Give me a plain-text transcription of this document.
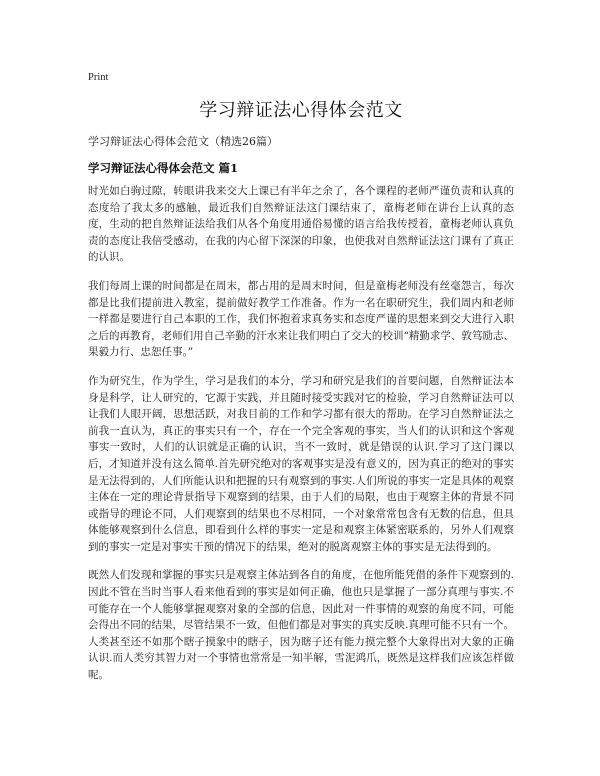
Print
学习辩证法心得体会范文
学习辩证法心得体会范文（精选26篇）
学习辩证法心得体会范文 篇1

时光如白驹过隙，转眼讲我来交大上课已有半年之余了，各个课程的老师严谨负责和认真的态度给了我太多的感触，最近我们自然辩证法这门课结束了，童梅老师在讲台上认真的态度，生动的把自然辩证法给我们从各个角度用通俗易懂的语言给我传授着，童梅老师认真负责的态度让我倍受感动，在我的内心留下深深的印象，也使我对自然辩证法这门课有了真正的认识。

我们每周上课的时间都是在周末，都占用的是周末时间，但是童梅老师没有丝毫怨言，每次都是比我们提前进入教室，提前做好教学工作准备。作为一名在职研究生，我们周内和老师一样都是要进行自己本职的工作，我们怀抱着求真务实和态度严谨的思想来到交大进行入职之后的再教育，老师们用自己辛勤的汗水来让我们明白了交大的校训“精勤求学、敦笃励志、果毅力行、忠恕任事。”

作为研究生，作为学生，学习是我们的本分，学习和研究是我们的首要问题，自然辩证法本身是科学，让人研究的，它源于实践，并且随时接受实践对它的检验，学习自然辩证法可以让我们人眼开阔，思想活跃，对我目前的工作和学习都有很大的帮助。在学习自然辩证法之前我一直认为，真正的事实只有一个，存在一个完全客观的事实，当人们的认识和这个客观事实一致时，人们的认识就是正确的认识，当不一致时，就是错误的认识.学习了这门课以后，才知道并没有这么简单.首先研究绝对的客观事实是没有意义的，因为真正的绝对的事实是无法得到的，人们所能认识和把握的只有观察到的事实.人们所说的事实一定是具体的观察主体在一定的理论背景指导下观察到的结果，由于人们的局限，也由于观察主体的背景不同或指导的理论不同，人们观察到的结果也不尽相同，一个对象常常包含有无数的信息，但具体能够观察到什么信息，即看到什么样的事实一定是和观察主体紧密联系的，另外人们观察到的事实一定是对事实干预的情况下的结果，绝对的脱离观察主体的事实是无法得到的。

既然人们发现和掌握的事实只是观察主体站到各自的角度，在他所能凭借的条件下观察到的.因此不管在当时当事人看来他看到的事实是如何正确，他也只是掌握了一部分真理与事实.不可能存在一个人能够掌握观察对象的全部的信息，因此对一件事情的观察的角度不同，可能会得出不同的结果，尽管结果不一致，但他们都是对事实的真实反映.真理可能不只有一个。人类甚至还不如那个瞎子摸象中的瞎子，因为瞎子还有能力摸完整个大象得出对大象的正确认识.而人类穷其智力对一个事情也常常是一知半解，雪泥鸿爪，既然是这样我们应该怎样做呢。
